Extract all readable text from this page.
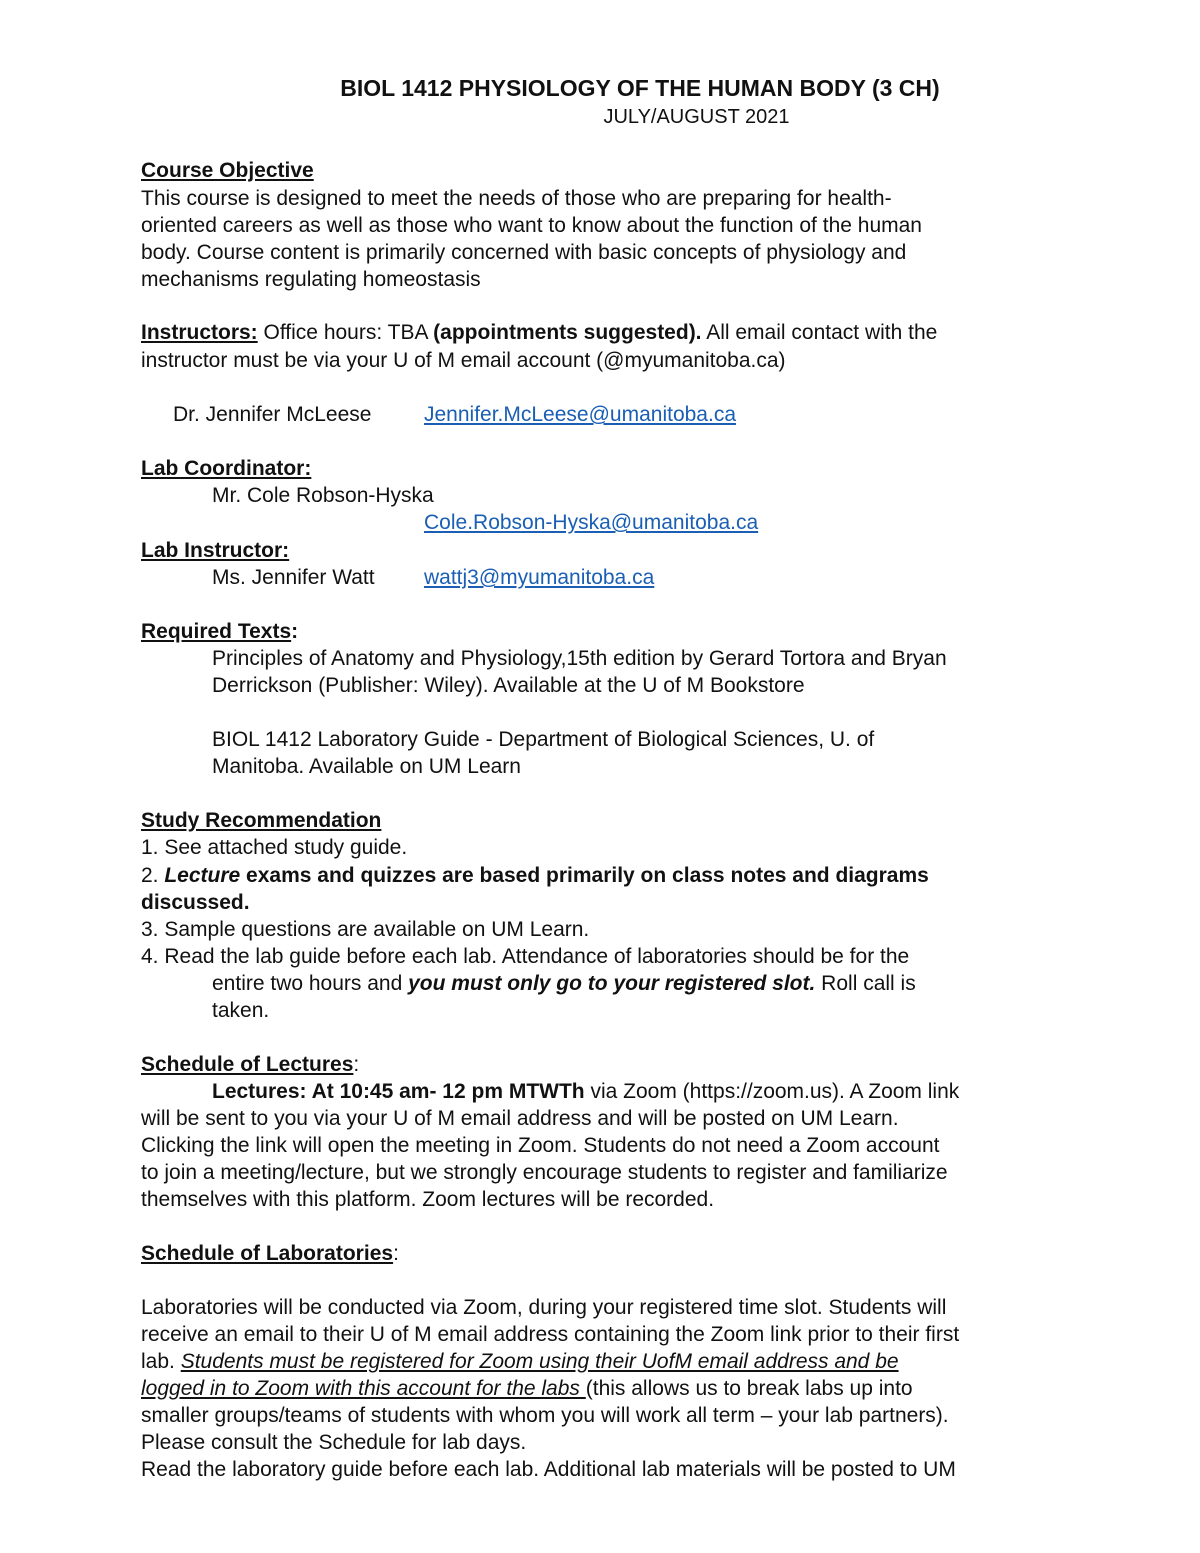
BIOL 1412 PHYSIOLOGY OF THE HUMAN BODY (3 CH)
JULY/AUGUST 2021
Course Objective
This course is designed to meet the needs of those who are preparing for health-
oriented careers as well as those who want to know about the function of the human
body. Course content is primarily concerned with basic concepts of physiology and
mechanisms regulating homeostasis
Instructors: Office hours: TBA (appointments suggested). All email contact with the
instructor must be via your U of M email account (@myumanitoba.ca)
Dr. Jennifer McLeese	Jennifer.McLeese@umanitoba.ca
Lab Coordinator:
Mr. Cole Robson-Hyska
Cole.Robson-Hyska@umanitoba.ca
Lab Instructor:
Ms. Jennifer Watt wattj3@myumanitoba.ca
Required Texts:
Principles of Anatomy and Physiology,15th edition by Gerard Tortora and Bryan
Derrickson (Publisher: Wiley). Available at the U of M Bookstore
BIOL 1412 Laboratory Guide - Department of Biological Sciences, U. of
Manitoba. Available on UM Learn
Study Recommendation
1. See attached study guide.
2. Lecture exams and quizzes are based primarily on class notes and diagrams
discussed.
3. Sample questions are available on UM Learn.
4. Read the lab guide before each lab. Attendance of laboratories should be for the
entire two hours and you must only go to your registered slot. Roll call is
taken.
Schedule of Lectures:
Lectures: At 10:45 am- 12 pm MTWTh via Zoom (https://zoom.us). A Zoom link
will be sent to you via your U of M email address and will be posted on UM Learn.
Clicking the link will open the meeting in Zoom. Students do not need a Zoom account
to join a meeting/lecture, but we strongly encourage students to register and familiarize
themselves with this platform. Zoom lectures will be recorded.
Schedule of Laboratories:
Laboratories will be conducted via Zoom, during your registered time slot. Students will
receive an email to their U of M email address containing the Zoom link prior to their first
lab. Students must be registered for Zoom using their UofM email address and be
logged in to Zoom with this account for the labs (this allows us to break labs up into
smaller groups/teams of students with whom you will work all term – your lab partners).
Please consult the Schedule for lab days.
Read the laboratory guide before each lab. Additional lab materials will be posted to UM
